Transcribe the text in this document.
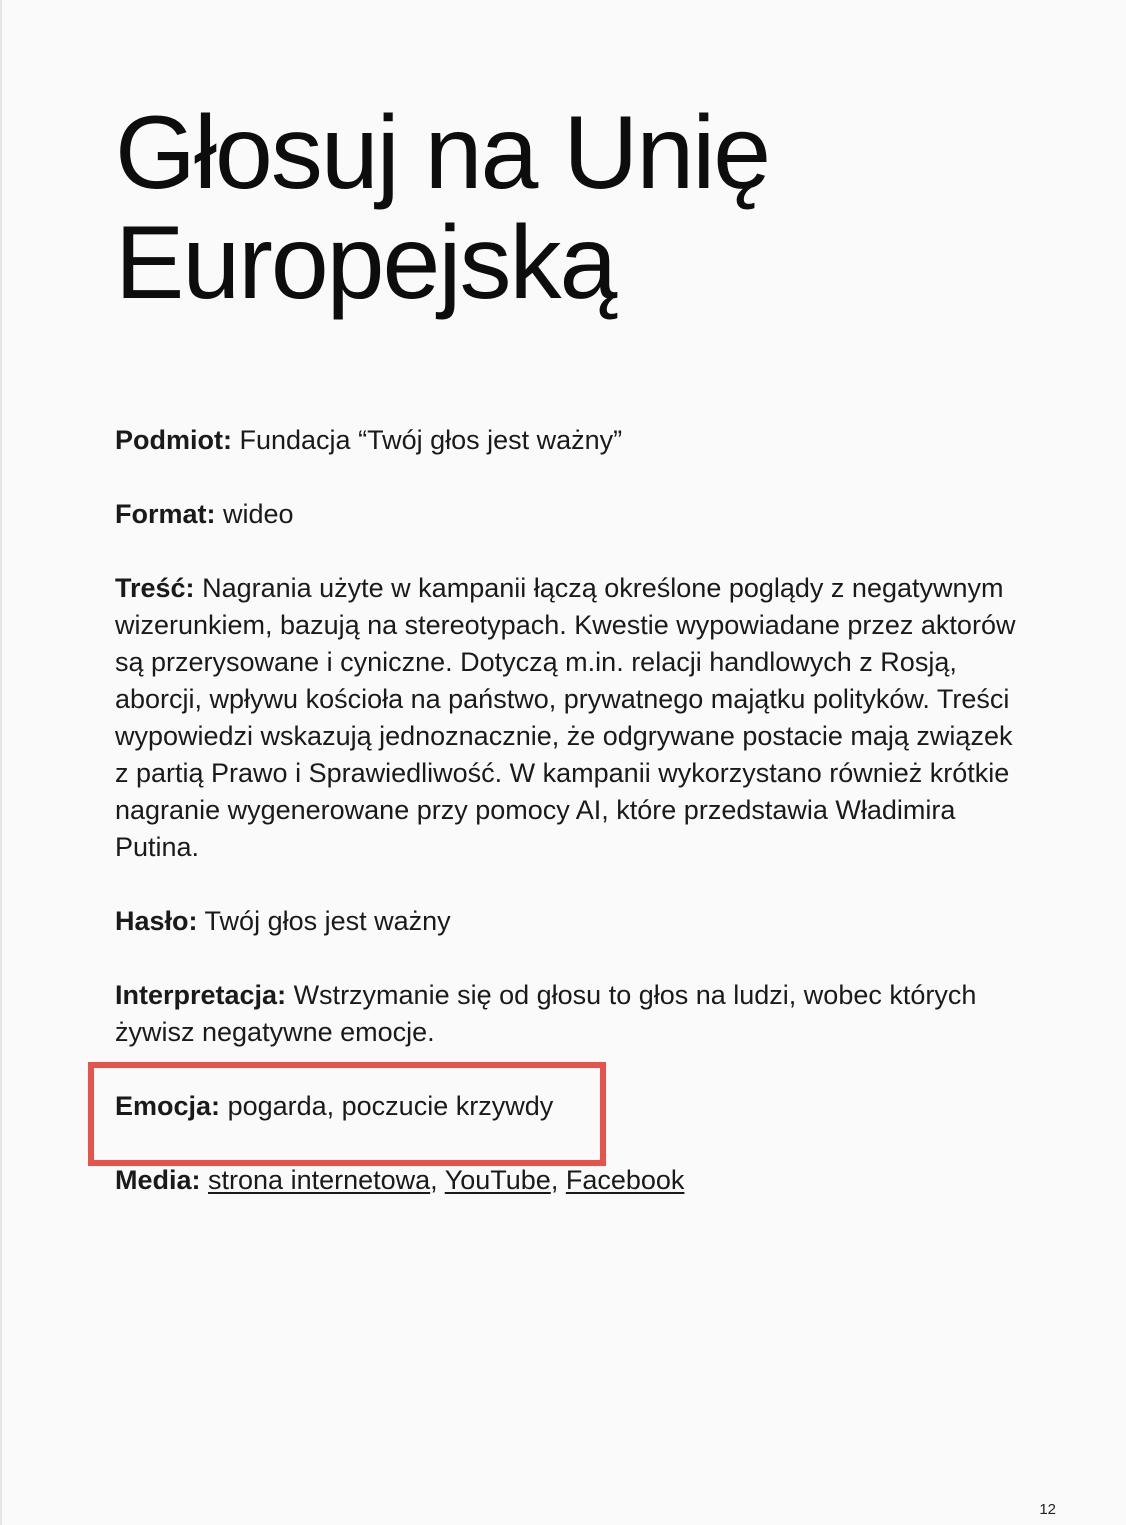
Głosuj na Unię
Europejską

Podmiot: Fundacja “Twój głos jest ważny”

Format: wideo

Treść: Nagrania użyte w kampanii łączą określone poglądy z negatywnym wizerunkiem, bazują na stereotypach. Kwestie wypowiadane przez aktorów są przerysowane i cyniczne. Dotyczą m.in. relacji handlowych z Rosją, aborcji, wpływu kościoła na państwo, prywatnego majątku polityków. Treści wypowiedzi wskazują jednoznacznie, że odgrywane postacie mają związek z partią Prawo i Sprawiedliwość. W kampanii wykorzystano również krótkie nagranie wygenerowane przy pomocy AI, które przedstawia Władimira Putina.

Hasło: Twój głos jest ważny

Interpretacja: Wstrzymanie się od głosu to głos na ludzi, wobec których żywisz negatywne emocje.

Emocja: pogarda, poczucie krzywdy

Media: strona internetowa, YouTube, Facebook

12
